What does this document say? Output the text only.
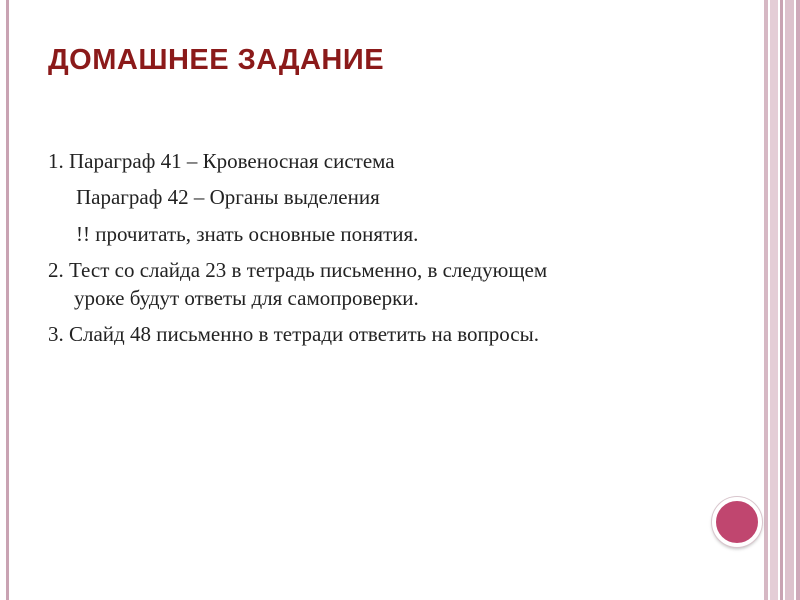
ДОМАШНЕЕ ЗАДАНИЕ
1. Параграф 41 – Кровеносная система
Параграф 42 – Органы выделения
!! прочитать, знать основные понятия.
2. Тест со слайда 23 в тетрадь письменно, в следующем
уроке будут ответы для самопроверки.
3. Слайд 48 письменно в тетради ответить на вопросы.
